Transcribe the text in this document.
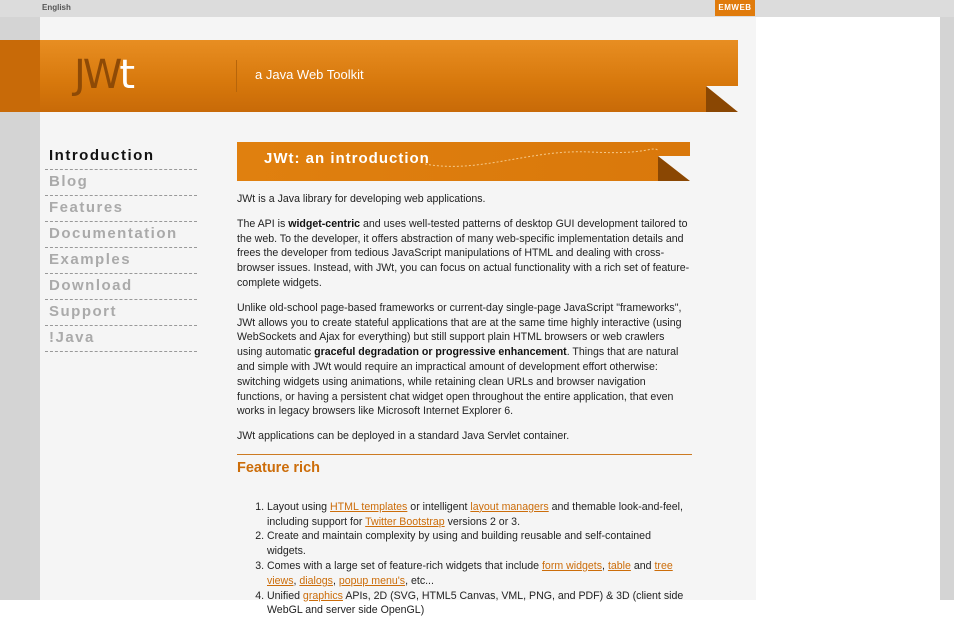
English	EMWEB
JWt	a Java Web Toolkit
Introduction
Blog
Features
Documentation
Examples
Download
Support
!Java
JWt: an introduction

JWt is a Java library for developing web applications.

The API is widget-centric and uses well-tested patterns of desktop GUI development tailored to the web. To the developer, it offers abstraction of many web-specific implementation details and frees the developer from tedious JavaScript manipulations of HTML and dealing with cross-browser issues. Instead, with JWt, you can focus on actual functionality with a rich set of feature-complete widgets.

Unlike old-school page-based frameworks or current-day single-page JavaScript "frameworks", JWt allows you to create stateful applications that are at the same time highly interactive (using WebSockets and Ajax for everything) but still support plain HTML browsers or web crawlers using automatic graceful degradation or progressive enhancement. Things that are natural and simple with JWt would require an impractical amount of development effort otherwise: switching widgets using animations, while retaining clean URLs and browser navigation functions, or having a persistent chat widget open throughout the entire application, that even works in legacy browsers like Microsoft Internet Explorer 6.

JWt applications can be deployed in a standard Java Servlet container.

Feature rich
1. Layout using HTML templates or intelligent layout managers and themable look-and-feel, including support for Twitter Bootstrap versions 2 or 3.
2. Create and maintain complexity by using and building reusable and self-contained widgets.
3. Comes with a large set of feature-rich widgets that include form widgets, table and tree views, dialogs, popup menu's, etc...
4. Unified graphics APIs, 2D (SVG, HTML5 Canvas, VML, PNG, and PDF) & 3D (client side WebGL and server side OpenGL)
